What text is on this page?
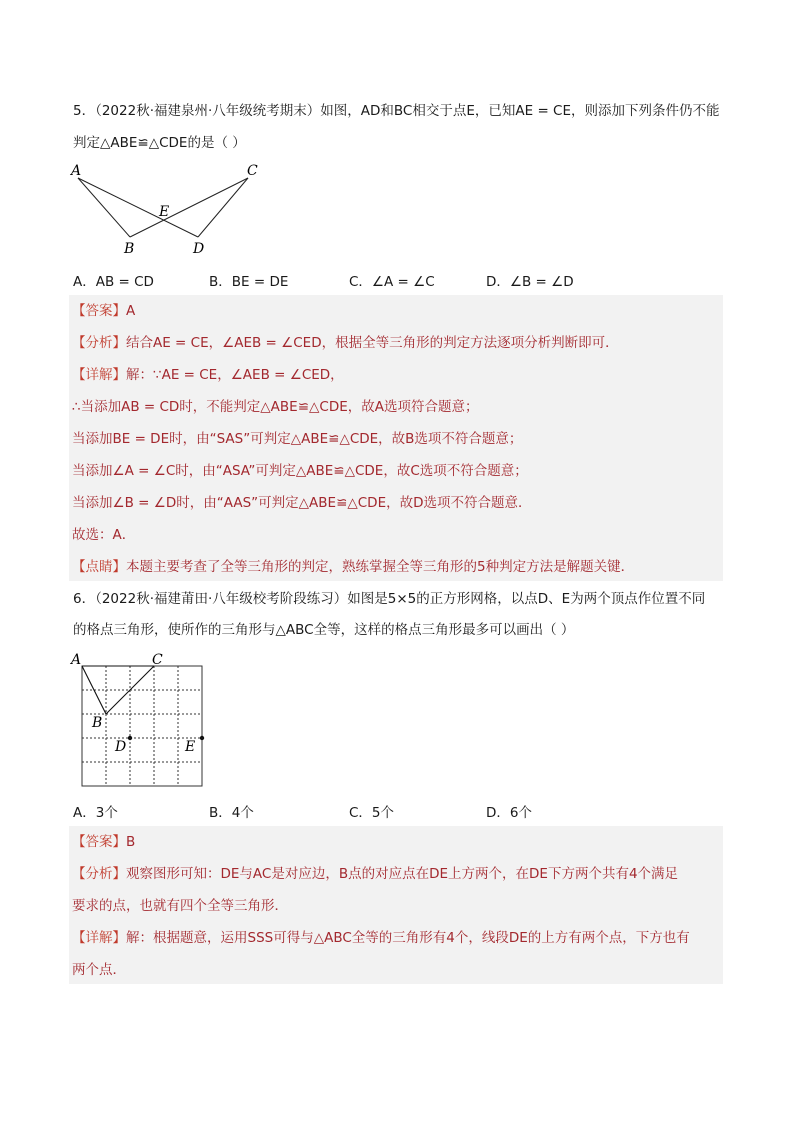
5．（2022秋·福建泉州·八年级统考期末）如图，AD和BC相交于点E，已知AE = CE，则添加下列条件仍不能
判定△ABE≌△CDE的是（ ）
A	C
E
B	D
A．AB = CD	B．BE = DE	C．∠A = ∠C	D．∠B = ∠D
【答案】A
【分析】结合AE = CE，∠AEB = ∠CED，根据全等三角形的判定方法逐项分析判断即可．
【详解】解：∵AE = CE，∠AEB = ∠CED，
∴当添加AB = CD时，不能判定△ABE≌△CDE，故A选项符合题意；
当添加BE = DE时，由“SAS”可判定△ABE≌△CDE，故B选项不符合题意；
当添加∠A = ∠C时，由“ASA”可判定△ABE≌△CDE，故C选项不符合题意；
当添加∠B = ∠D时，由“AAS”可判定△ABE≌△CDE，故D选项不符合题意．
故选：A．
【点睛】本题主要考查了全等三角形的判定，熟练掌握全等三角形的5种判定方法是解题关键．
6．（2022秋·福建莆田·八年级校考阶段练习）如图是5×5的正方形网格，以点D、E为两个顶点作位置不同
的格点三角形，使所作的三角形与△ABC全等，这样的格点三角形最多可以画出（ ）
A	C
B
D	E
A．3个	B．4个	C．5个	D．6个
【答案】B
【分析】观察图形可知：DE与AC是对应边，B点的对应点在DE上方两个，在DE下方两个共有4个满足
要求的点，也就有四个全等三角形．
【详解】解：根据题意，运用SSS可得与△ABC全等的三角形有4个，线段DE的上方有两个点，下方也有
两个点．
